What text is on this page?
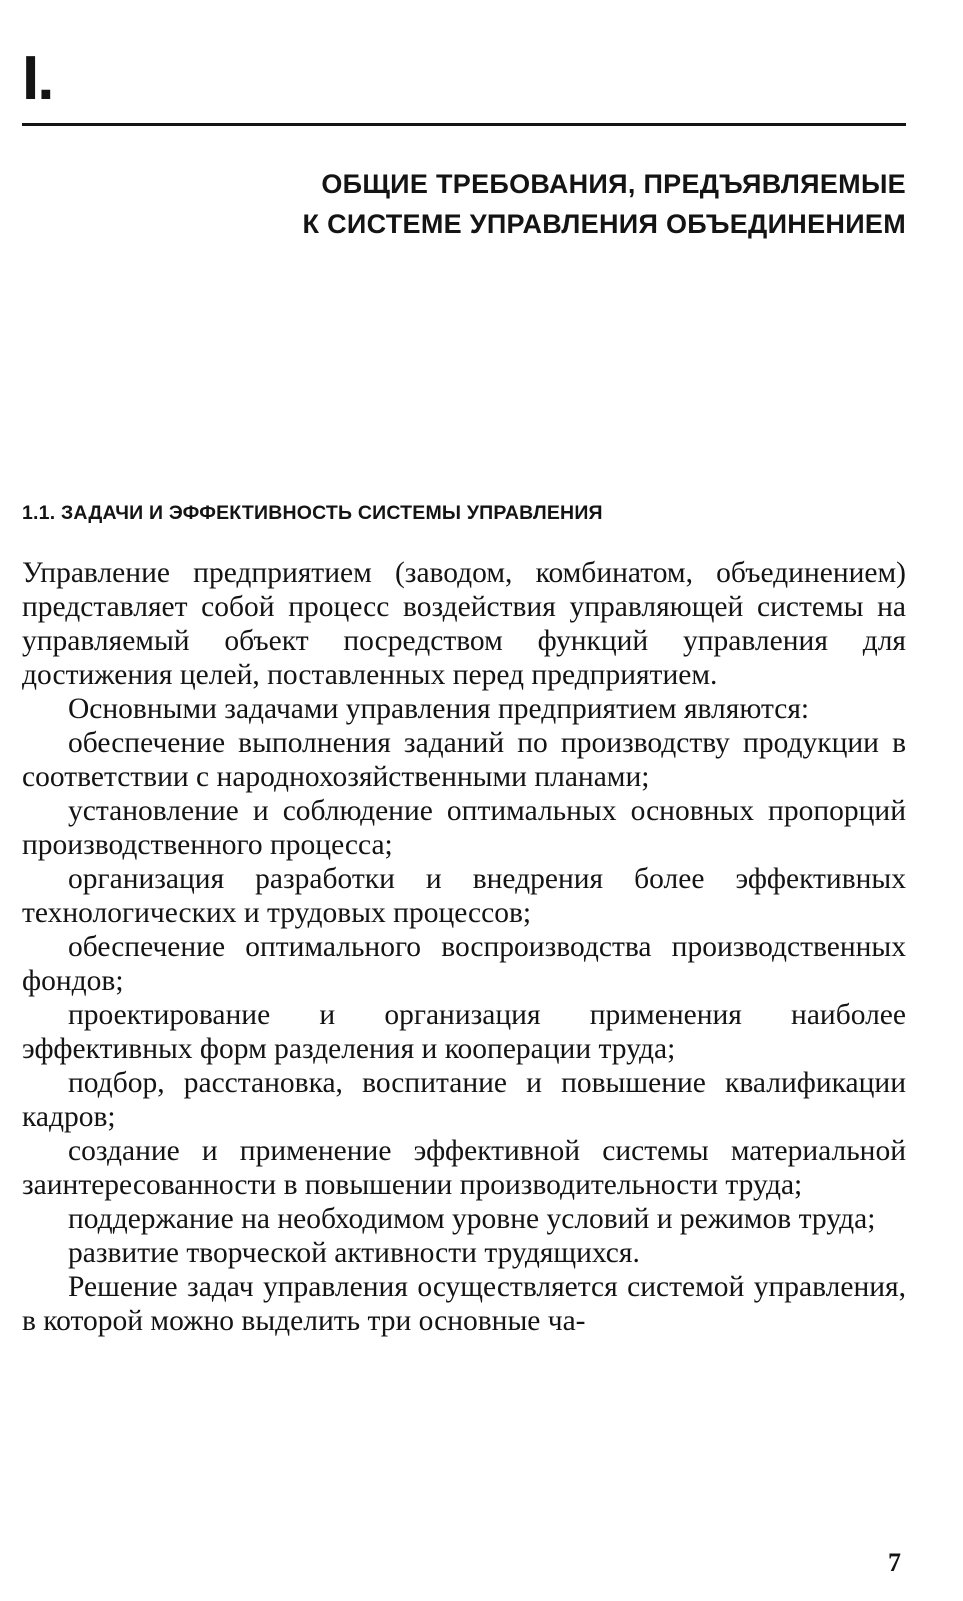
I.
ОБЩИЕ ТРЕБОВАНИЯ, ПРЕДЪЯВЛЯЕМЫЕ
К СИСТЕМЕ УПРАВЛЕНИЯ ОБЪЕДИНЕНИЕМ
1.1. ЗАДАЧИ И ЭФФЕКТИВНОСТЬ СИСТЕМЫ УПРАВЛЕНИЯ

Управление предприятием (заводом, комбинатом, объединением) представляет собой процесс воздействия управляющей системы на управляемый объект посредством функций управления для достижения целей, поставленных перед предприятием.

Основными задачами управления предприятием являются:

обеспечение выполнения заданий по производству продукции в соответствии с народнохозяйственными планами;

установление и соблюдение оптимальных основных пропорций производственного процесса;

организация разработки и внедрения более эффективных технологических и трудовых процессов;

обеспечение оптимального воспроизводства производственных фондов;

проектирование и организация применения наиболее эффективных форм разделения и кооперации труда;

подбор, расстановка, воспитание и повышение квалификации кадров;

создание и применение эффективной системы материальной заинтересованности в повышении производительности труда;

поддержание на необходимом уровне условий и режимов труда;

развитие творческой активности трудящихся.

Решение задач управления осуществляется системой управления, в которой можно выделить три основные ча-

7
